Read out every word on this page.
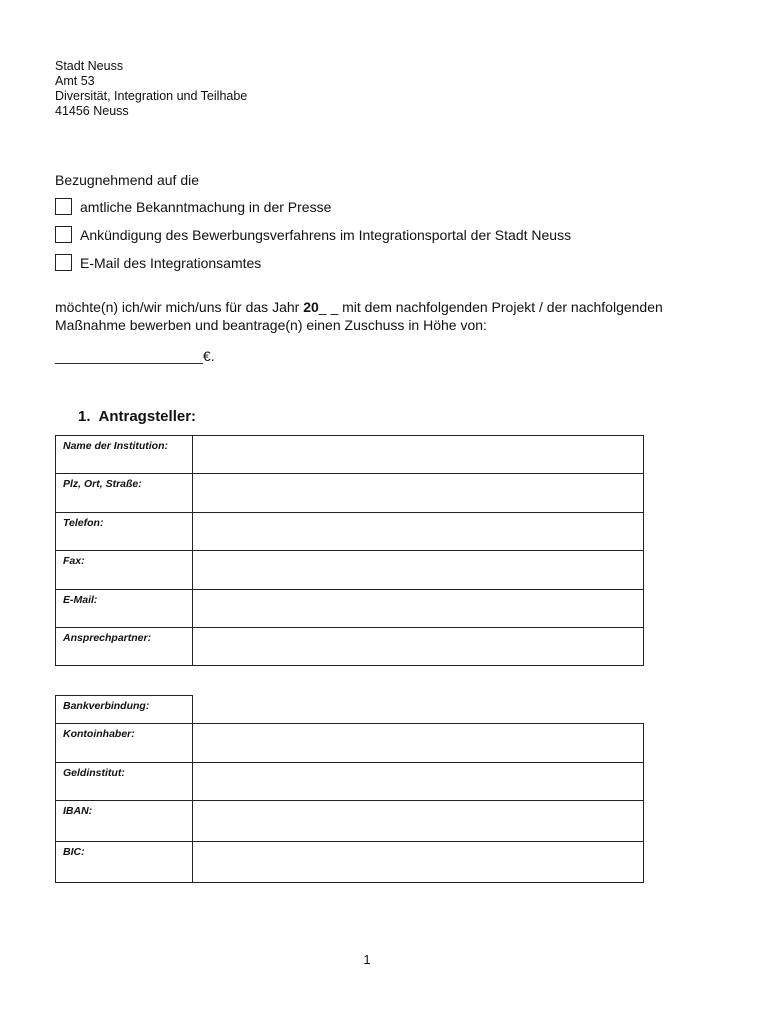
Stadt Neuss
Amt 53
Diversität, Integration und Teilhabe
41456 Neuss
Bezugnehmend auf die
amtliche Bekanntmachung in der Presse
Ankündigung des Bewerbungsverfahrens im Integrationsportal der Stadt Neuss
E-Mail des Integrationsamtes
möchte(n) ich/wir mich/uns für das Jahr 20_ _ mit dem nachfolgenden Projekt / der nachfolgenden
Maßnahme bewerben und beantrage(n) einen Zuschuss in Höhe von:
___________________€.
1. Antragsteller:
Name der Institution:	
Plz, Ort, Straße:	
Telefon:	
Fax:	
E-Mail:	
Ansprechpartner:	
Bankverbindung:	
Kontoinhaber:	
Geldinstitut:	
IBAN:	
BIC:	
1
